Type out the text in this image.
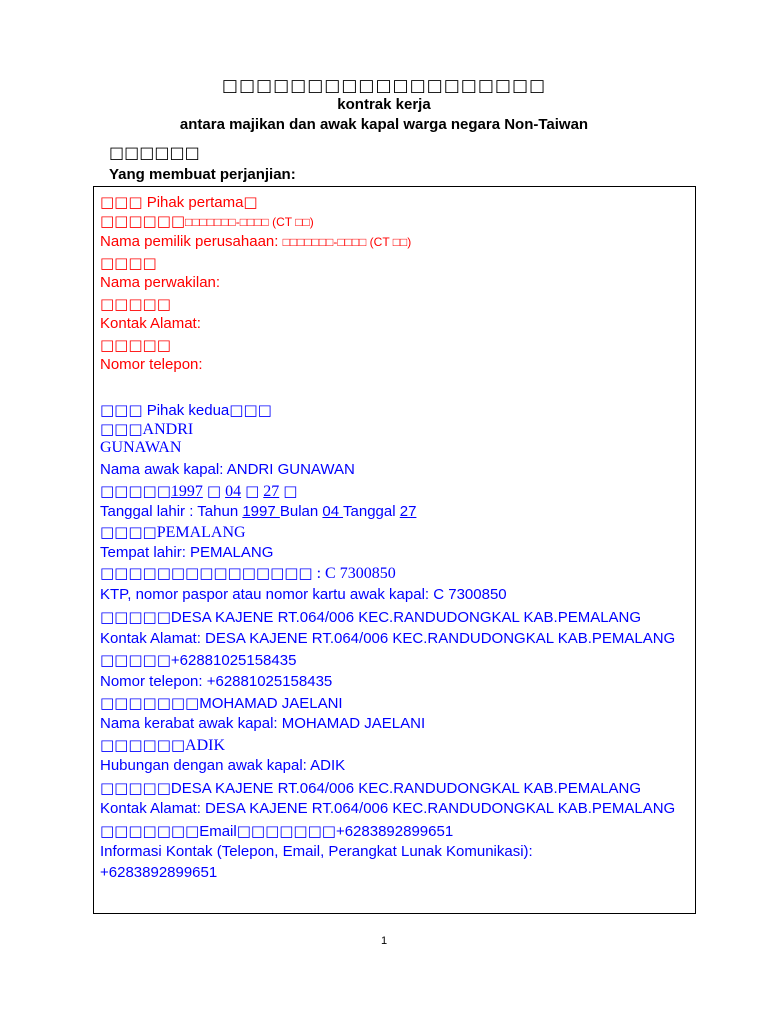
□□□□□□□□□□□□□□□□□□□
kontrak kerja
antara majikan dan awak kapal warga negara Non-Taiwan
□□□□□□
Yang membuat perjanjian:
□□□ Pihak pertama□
□□□□□□□□□□□□□-□□□□ (CT □□)
Nama pemilik perusahaan: □□□□□□□-□□□□ (CT □□)
□□□□
Nama perwakilan:
□□□□□
Kontak Alamat:
□□□□□
Nomor telepon:
□□□ Pihak kedua□□□
□□□ANDRI
GUNAWAN
Nama awak kapal: ANDRI GUNAWAN
□□□□□1997 □ 04 □ 27 □
Tanggal lahir : Tahun 1997 Bulan 04 Tanggal 27
□□□□PEMALANG
Tempat lahir: PEMALANG
□□□□□□□□□□□□□□□ : C 7300850
KTP, nomor paspor atau nomor kartu awak kapal: C 7300850
□□□□□DESA KAJENE RT.064/006 KEC.RANDUDONGKAL KAB.PEMALANG
Kontak Alamat: DESA KAJENE RT.064/006 KEC.RANDUDONGKAL KAB.PEMALANG
□□□□□+62881025158435
Nomor telepon: +62881025158435
□□□□□□□MOHAMAD JAELANI
Nama kerabat awak kapal: MOHAMAD JAELANI
□□□□□□ADIK
Hubungan dengan awak kapal: ADIK
□□□□□DESA KAJENE RT.064/006 KEC.RANDUDONGKAL KAB.PEMALANG
Kontak Alamat: DESA KAJENE RT.064/006 KEC.RANDUDONGKAL KAB.PEMALANG
□□□□□□□Email□□□□□□□+6283892899651
Informasi Kontak (Telepon, Email, Perangkat Lunak Komunikasi):
+6283892899651
1
